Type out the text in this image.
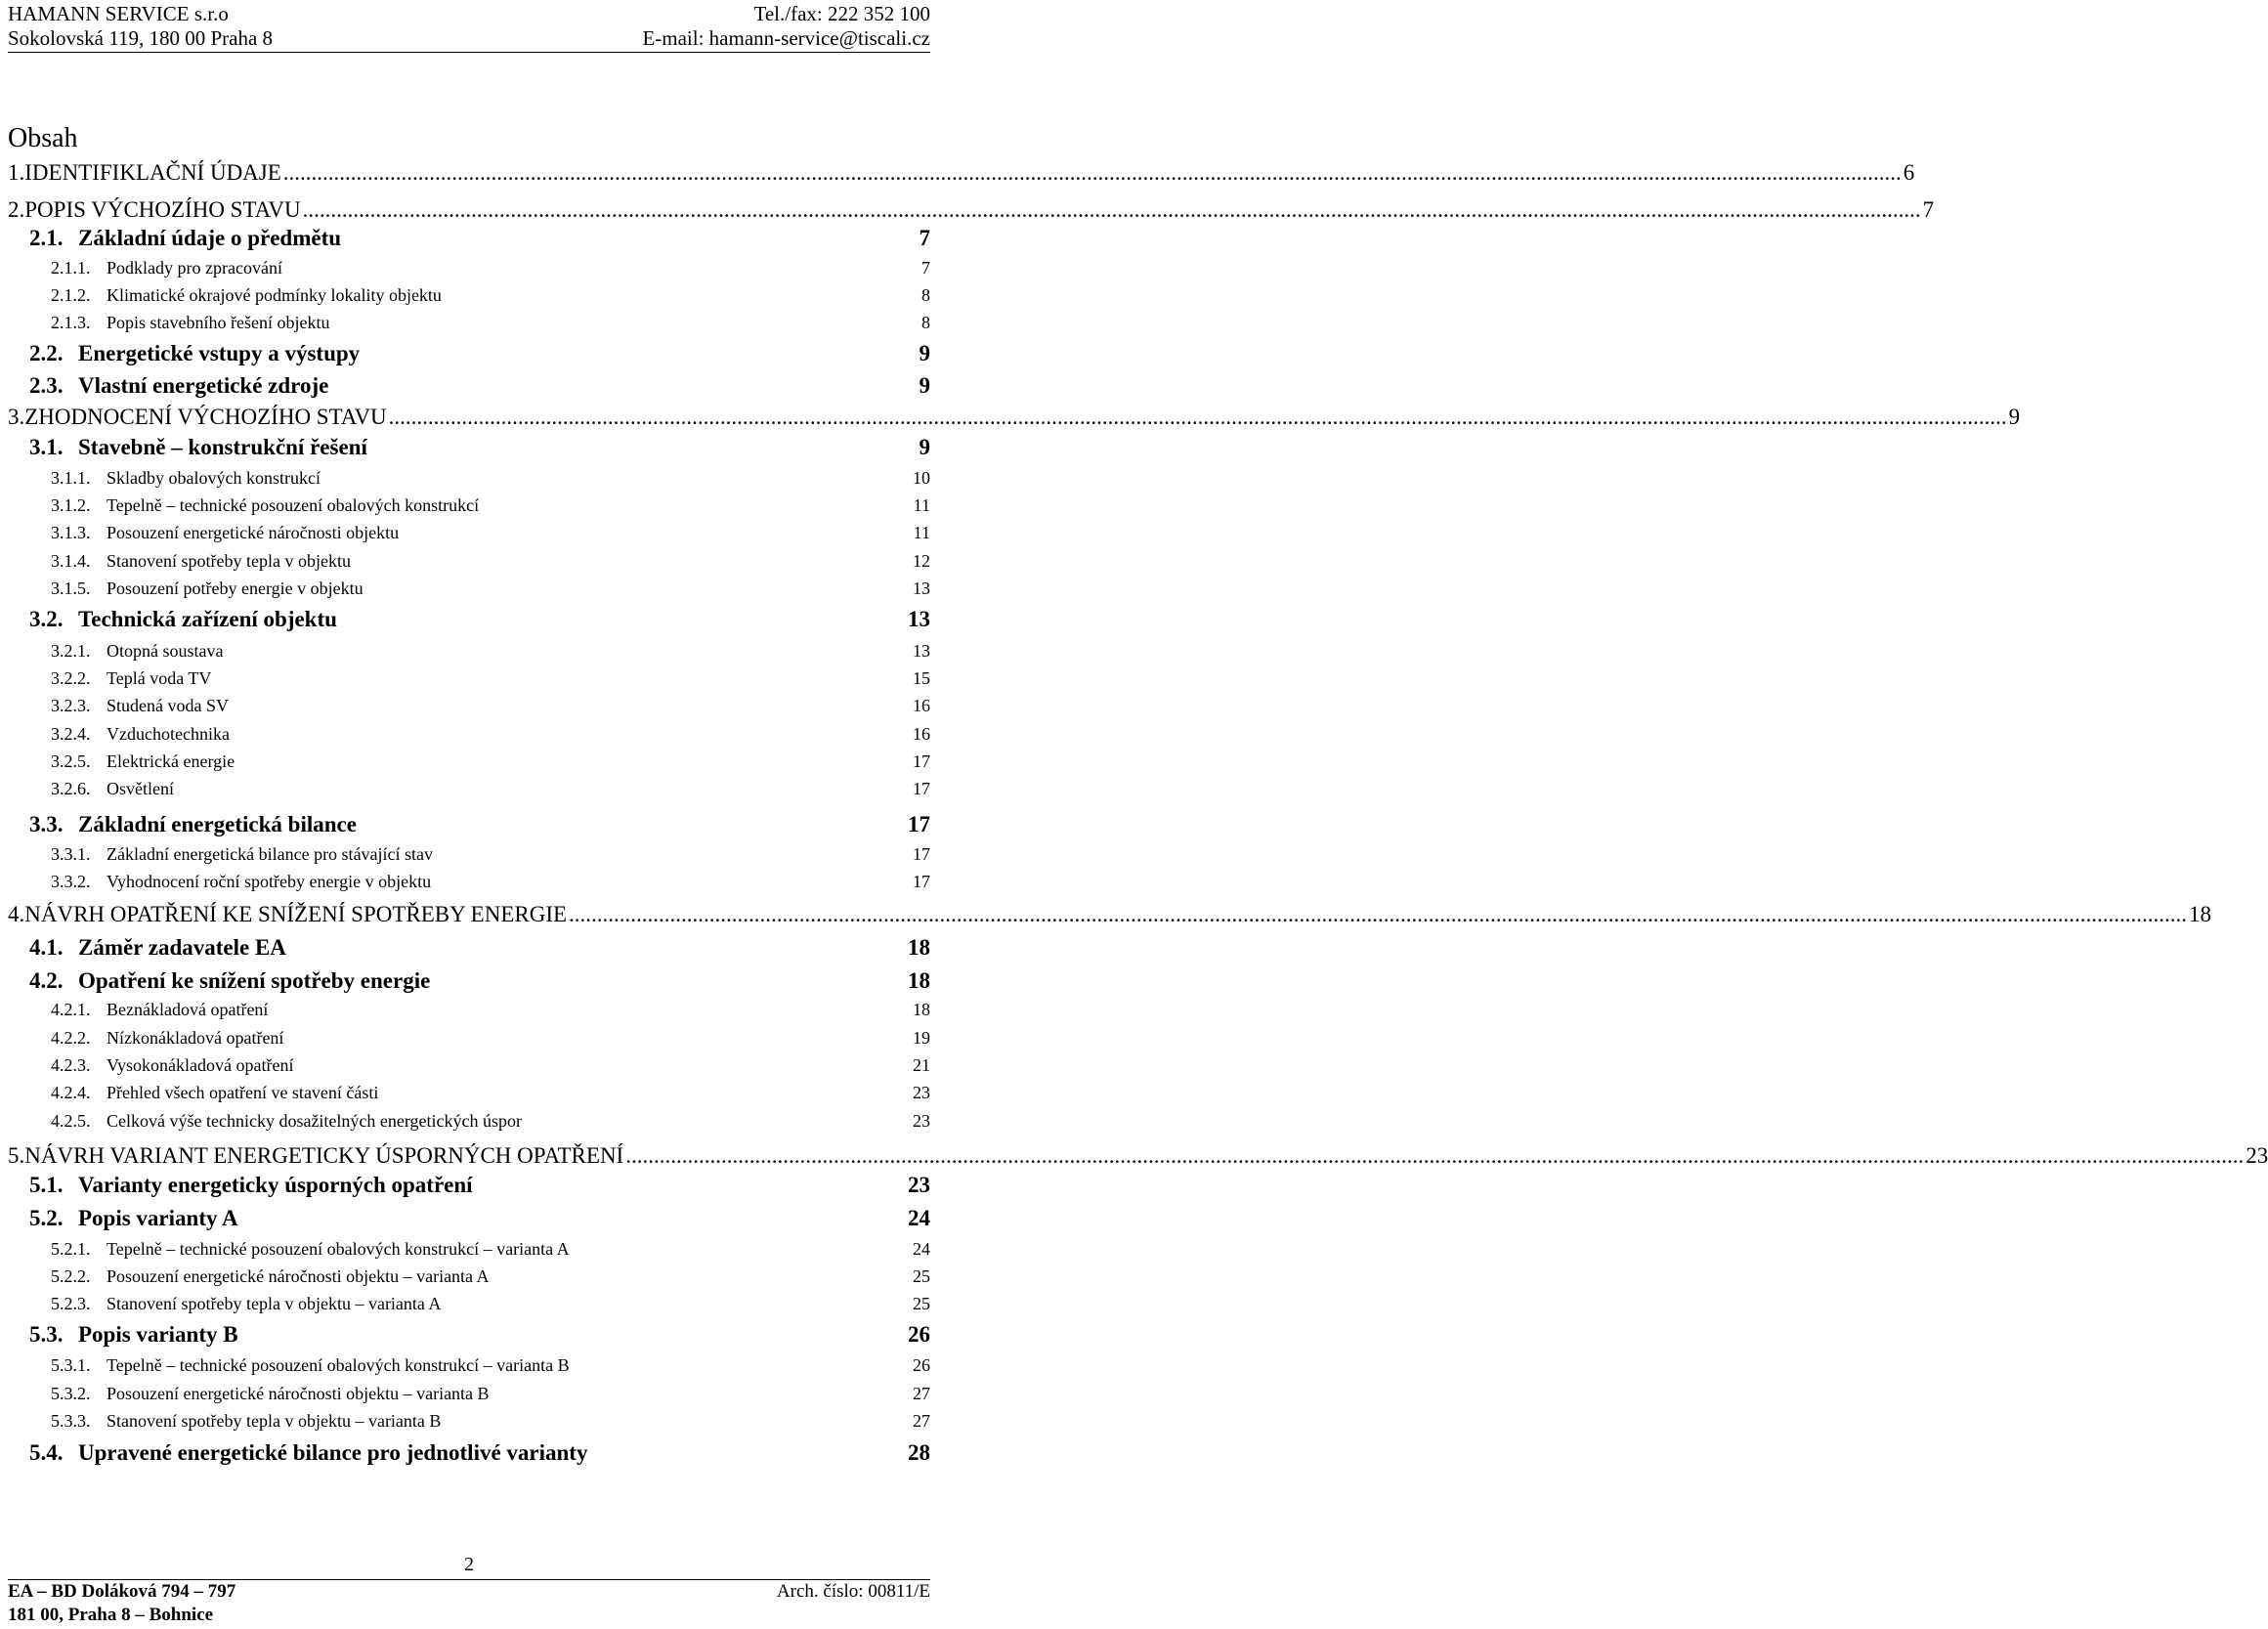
HAMANN SERVICE s.r.o	Tel./fax: 222 352 100
Sokolovská 119, 180 00 Praha 8	E-mail: hamann-service@tiscali.cz
Obsah
1. IDENTIFIKLAČNÍ ÚDAJE .....	6
2. POPIS VÝCHOZÍHO STAVU .....	7
2.1. Základní údaje o předmětu	7
2.1.1. Podklady pro zpracování	7
2.1.2. Klimatické okrajové podmínky lokality objektu	8
2.1.3. Popis stavebního řešení objektu	8
2.2. Energetické vstupy a výstupy	9
2.3. Vlastní energetické zdroje	9
3. ZHODNOCENÍ VÝCHOZÍHO STAVU .....	9
3.1. Stavebně – konstrukční řešení	9
3.1.1. Skladby obalových konstrukcí	10
3.1.2. Tepelně – technické posouzení obalových konstrukcí	11
3.1.3. Posouzení energetické náročnosti objektu	11
3.1.4. Stanovení spotřeby tepla v objektu	12
3.1.5. Posouzení potřeby energie v objektu	13
3.2. Technická zařízení objektu	13
3.2.1. Otopná soustava	13
3.2.2. Teplá voda TV	15
3.2.3. Studená voda SV	16
3.2.4. Vzduchotechnika	16
3.2.5. Elektrická energie	17
3.2.6. Osvětlení	17
3.3. Základní energetická bilance	17
3.3.1. Základní energetická bilance pro stávající stav	17
3.3.2. Vyhodnocení roční spotřeby energie v objektu	17
4. NÁVRH OPATŘENÍ KE SNÍŽENÍ SPOTŘEBY ENERGIE .....	18
4.1. Záměr zadavatele EA	18
4.2. Opatření ke snížení spotřeby energie	18
4.2.1. Beznákladová opatření	18
4.2.2. Nízkonákladová opatření	19
4.2.3. Vysokonákladová opatření	21
4.2.4. Přehled všech opatření ve stavení části	23
4.2.5. Celková výše technicky dosažitelných energetických úspor	23
5. NÁVRH VARIANT ENERGETICKY ÚSPORNÝCH OPATŘENÍ .....	23
5.1. Varianty energeticky úsporných opatření	23
5.2. Popis varianty A	24
5.2.1. Tepelně – technické posouzení obalových konstrukcí – varianta A	24
5.2.2. Posouzení energetické náročnosti objektu – varianta A	25
5.2.3. Stanovení spotřeby tepla v objektu – varianta A	25
5.3. Popis varianty B	26
5.3.1. Tepelně – technické posouzení obalových konstrukcí – varianta B	26
5.3.2. Posouzení energetické náročnosti objektu – varianta B	27
5.3.3. Stanovení spotřeby tepla v objektu – varianta B	27
5.4. Upravené energetické bilance pro jednotlivé varianty	28
2
EA – BD Doláková 794 – 797	Arch. číslo: 00811/E
181 00, Praha 8 – Bohnice
